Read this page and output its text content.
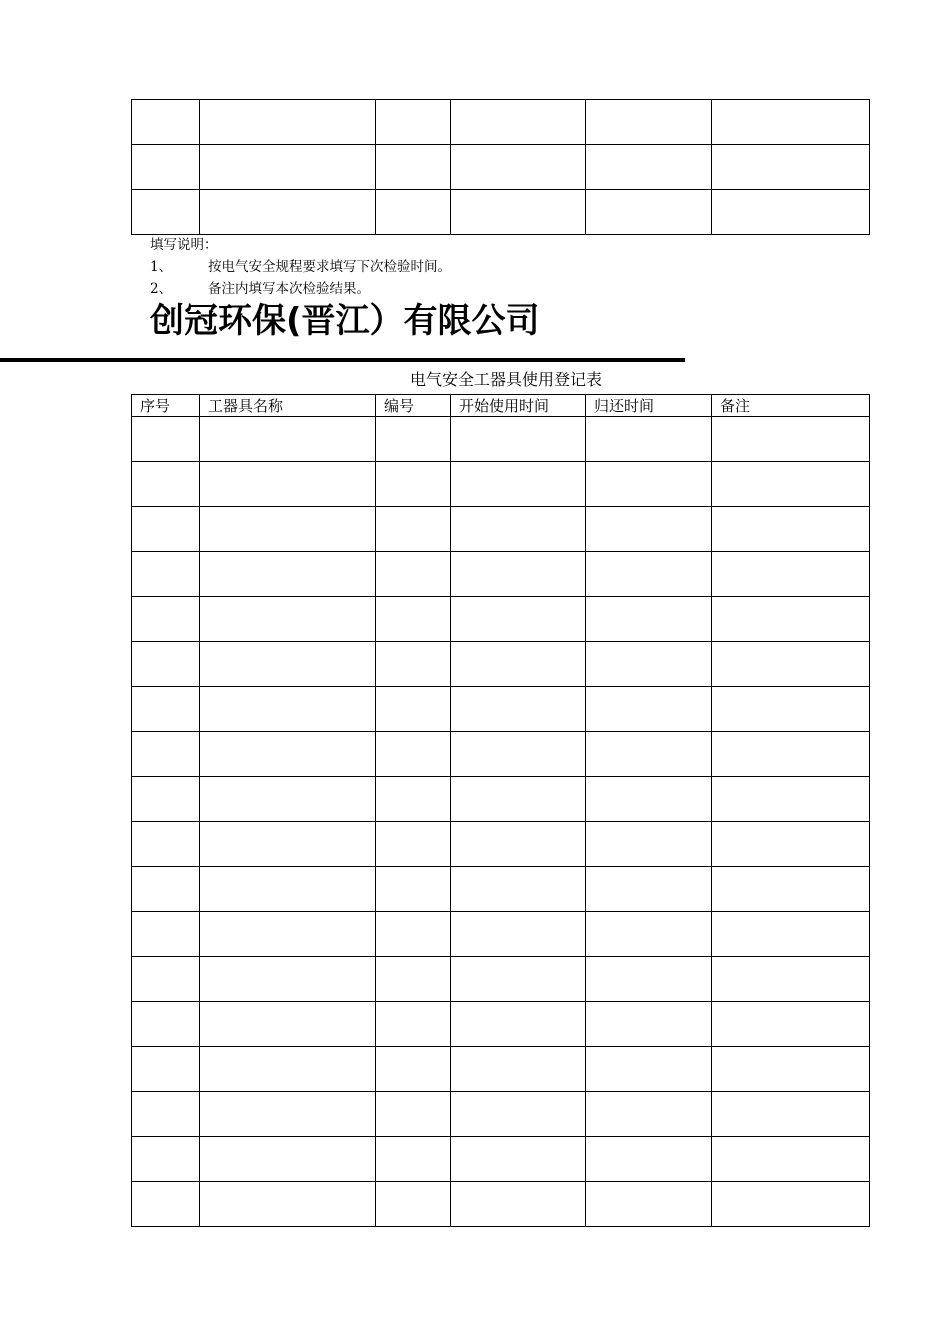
填写说明：
1、	按电气安全规程要求填写下次检验时间。
2、	备注内填写本次检验结果。
创冠环保(晋江）有限公司
电气安全工器具使用登记表
序号	工器具名称	编号	开始使用时间	归还时间	备注
